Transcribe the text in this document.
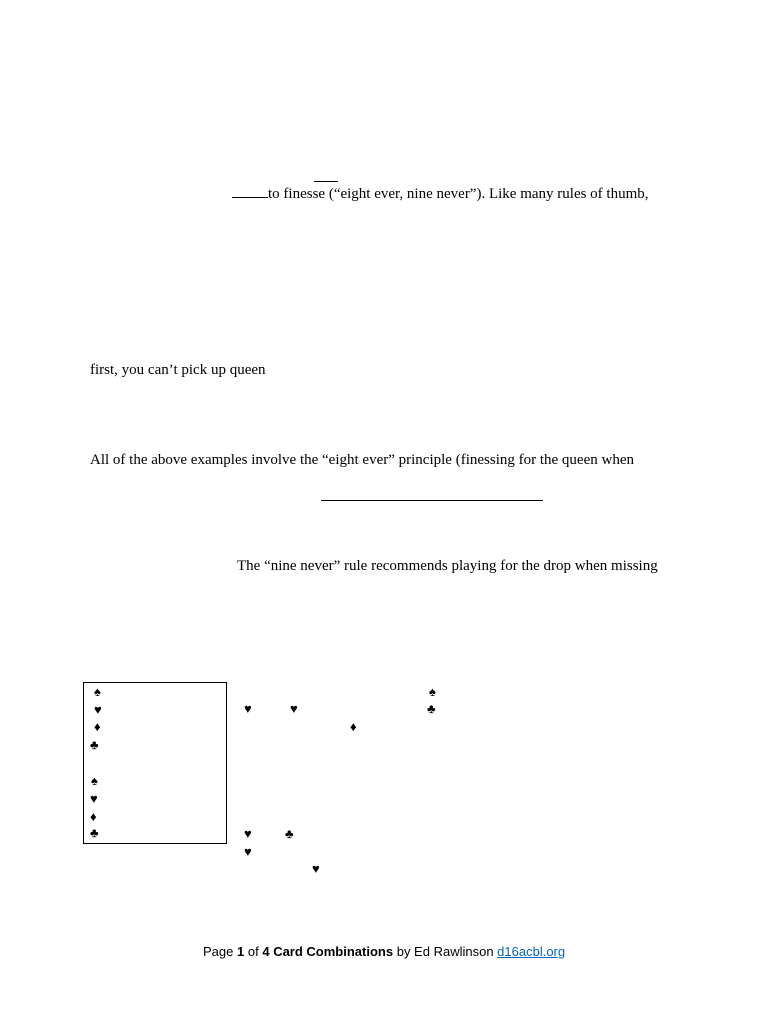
to finesse (“eight ever, nine never”). Like many rules of thumb,
first, you can’t pick up queen
All of the above examples involve the “eight ever” principle (finessing for the queen when
The “nine never” rule recommends playing for the drop when missing
♠
♥
♦
♣
♠
♥
♦
♣
♠
♥	♥	♣
♦
♥	♣
♥
♥
Page 1 of 4 Card Combinations by Ed Rawlinson d16acbl.org
